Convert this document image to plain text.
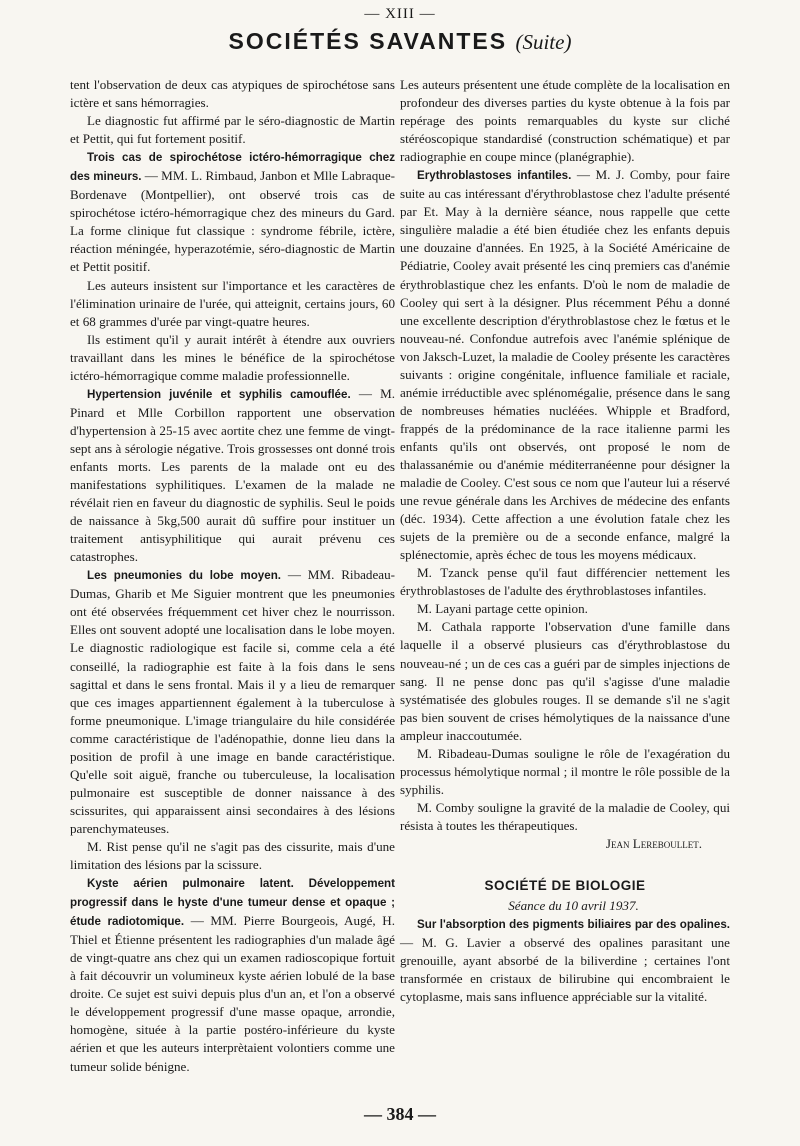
— XIII —
SOCIÉTÉS SAVANTES (Suite)

tent l'observation de deux cas atypiques de spirochétose sans ictère et sans hémorragies.

Le diagnostic fut affirmé par le séro-diagnostic de Martin et Pettit, qui fut fortement positif.

Trois cas de spirochétose ictéro-hémorragique chez des mineurs. — MM. L. Rimbaud, Janbon et Mlle Labraque-Bordenave (Montpellier), ont observé trois cas de spirochétose ictéro-hémorragique chez des mineurs du Gard. La forme clinique fut classique : syndrome fébrile, ictère, réaction méningée, hyperazotémie, séro-diagnostic de Martin et Pettit positif.

Les auteurs insistent sur l'importance et les caractères de l'élimination urinaire de l'urée, qui atteignit, certains jours, 60 et 68 grammes d'urée par vingt-quatre heures.

Ils estiment qu'il y aurait intérêt à étendre aux ouvriers travaillant dans les mines le bénéfice de la spirochétose ictéro-hémorragique comme maladie professionnelle.

Hypertension juvénile et syphilis camouflée. — M. Pinard et Mlle Corbillon rapportent une observation d'hypertension à 25-15 avec aortite chez une femme de vingt-sept ans à sérologie négative. Trois grossesses ont donné trois enfants morts. Les parents de la malade ont eu des manifestations syphilitiques. L'examen de la malade ne révélait rien en faveur du diagnostic de syphilis. Seul le poids de naissance à 5kg,500 aurait dû suffire pour instituer un traitement antisyphilitique qui aurait prévenu ces catastrophes.

Les pneumonies du lobe moyen. — MM. Ribadeau-Dumas, Gharib et Me Siguier montrent que les pneumonies ont été observées fréquemment cet hiver chez le nourrisson. Elles ont souvent adopté une localisation dans le lobe moyen. Le diagnostic radiologique est facile si, comme cela a été conseillé, la radiographie est faite à la fois dans le sens sagittal et dans le sens frontal. Mais il y a lieu de remarquer que ces images appartiennent également à la tuberculose à forme pneumonique. L'image triangulaire du hile considérée comme caractéristique de l'adénopathie, donne lieu dans la position de profil à une image en bande caractéristique. Qu'elle soit aiguë, franche ou tuberculeuse, la localisation pulmonaire est susceptible de donner naissance à des scissurites, qui apparaissent ainsi secondaires à des lésions parenchymateuses.

M. Rist pense qu'il ne s'agit pas des cissurite, mais d'une limitation des lésions par la scissure.

Kyste aérien pulmonaire latent. Développement progressif dans le hyste d'une tumeur dense et opaque ; étude radiotomique. — MM. Pierre Bourgeois, Augé, H. Thiel et Étienne présentent les radiographies d'un malade âgé de vingt-quatre ans chez qui un examen radioscopique fortuit à fait découvrir un volumineux kyste aérien lobulé de la base droite. Ce sujet est suivi depuis plus d'un an, et l'on a observé le développement progressif d'une masse opaque, arrondie, homogène, située à la partie postéro-inférieure du kyste aérien et que les auteurs interprètaient volontiers comme une tumeur solide bénigne.

Les auteurs présentent une étude complète de la localisation en profondeur des diverses parties du kyste obtenue à la fois par repérage des points remarquables du kyste sur cliché stéréoscopique standardisé (construction schématique) et par radiographie en coupe mince (planégraphie).

Erythroblastoses infantiles. — M. J. Comby, pour faire suite au cas intéressant d'érythroblastose chez l'adulte présenté par Et. May à la dernière séance, nous rappelle que cette singulière maladie a été bien étudiée chez les enfants depuis une douzaine d'années. En 1925, à la Société Américaine de Pédiatrie, Cooley avait présenté les cinq premiers cas d'anémie érythroblastique chez les enfants. D'où le nom de maladie de Cooley qui sert à la désigner. Plus récemment Péhu a donné une excellente description d'érythroblastose chez le fœtus et le nouveau-né. Confondue autrefois avec l'anémie splénique de von Jaksch-Luzet, la maladie de Cooley présente les caractères suivants : origine congénitale, influence familiale et raciale, anémie irréductible avec splénomégalie, présence dans le sang de nombreuses hématies nucléées. Whipple et Bradford, frappés de la prédominance de la race italienne parmi les enfants qu'ils ont observés, ont proposé le nom de thalassanémie ou d'anémie méditerranéenne pour désigner la maladie de Cooley. C'est sous ce nom que l'auteur lui a réservé une revue générale dans les Archives de médecine des enfants (déc. 1934). Cette affection a une évolution fatale chez les sujets de la première ou de a seconde enfance, malgré la splénectomie, après échec de tous les moyens médicaux.

M. Tzanck pense qu'il faut différencier nettement les érythroblastoses de l'adulte des érythroblastoses infantiles.

M. Layani partage cette opinion.

M. Cathala rapporte l'observation d'une famille dans laquelle il a observé plusieurs cas d'érythroblastose du nouveau-né ; un de ces cas a guéri par de simples injections de sang. Il ne pense donc pas qu'il s'agisse d'une maladie systématisée des globules rouges. Il se demande s'il ne s'agit pas bien souvent de crises hémolytiques de la naissance d'une ampleur inaccoutumée.

M. Ribadeau-Dumas souligne le rôle de l'exagération du processus hémolytique normal ; il montre le rôle possible de la syphilis.

M. Comby souligne la gravité de la maladie de Cooley, qui résista à toutes les thérapeutiques.

Jean Lereboullet.

SOCIÉTÉ DE BIOLOGIE

Séance du 10 avril 1937.

Sur l'absorption des pigments biliaires par des opalines. — M. G. Lavier a observé des opalines parasitant une grenouille, ayant absorbé de la biliverdine ; certaines l'ont transformée en cristaux de bilirubine qui encombraient le cytoplasme, mais sans influence appréciable sur la vitalité.

— 384 —
